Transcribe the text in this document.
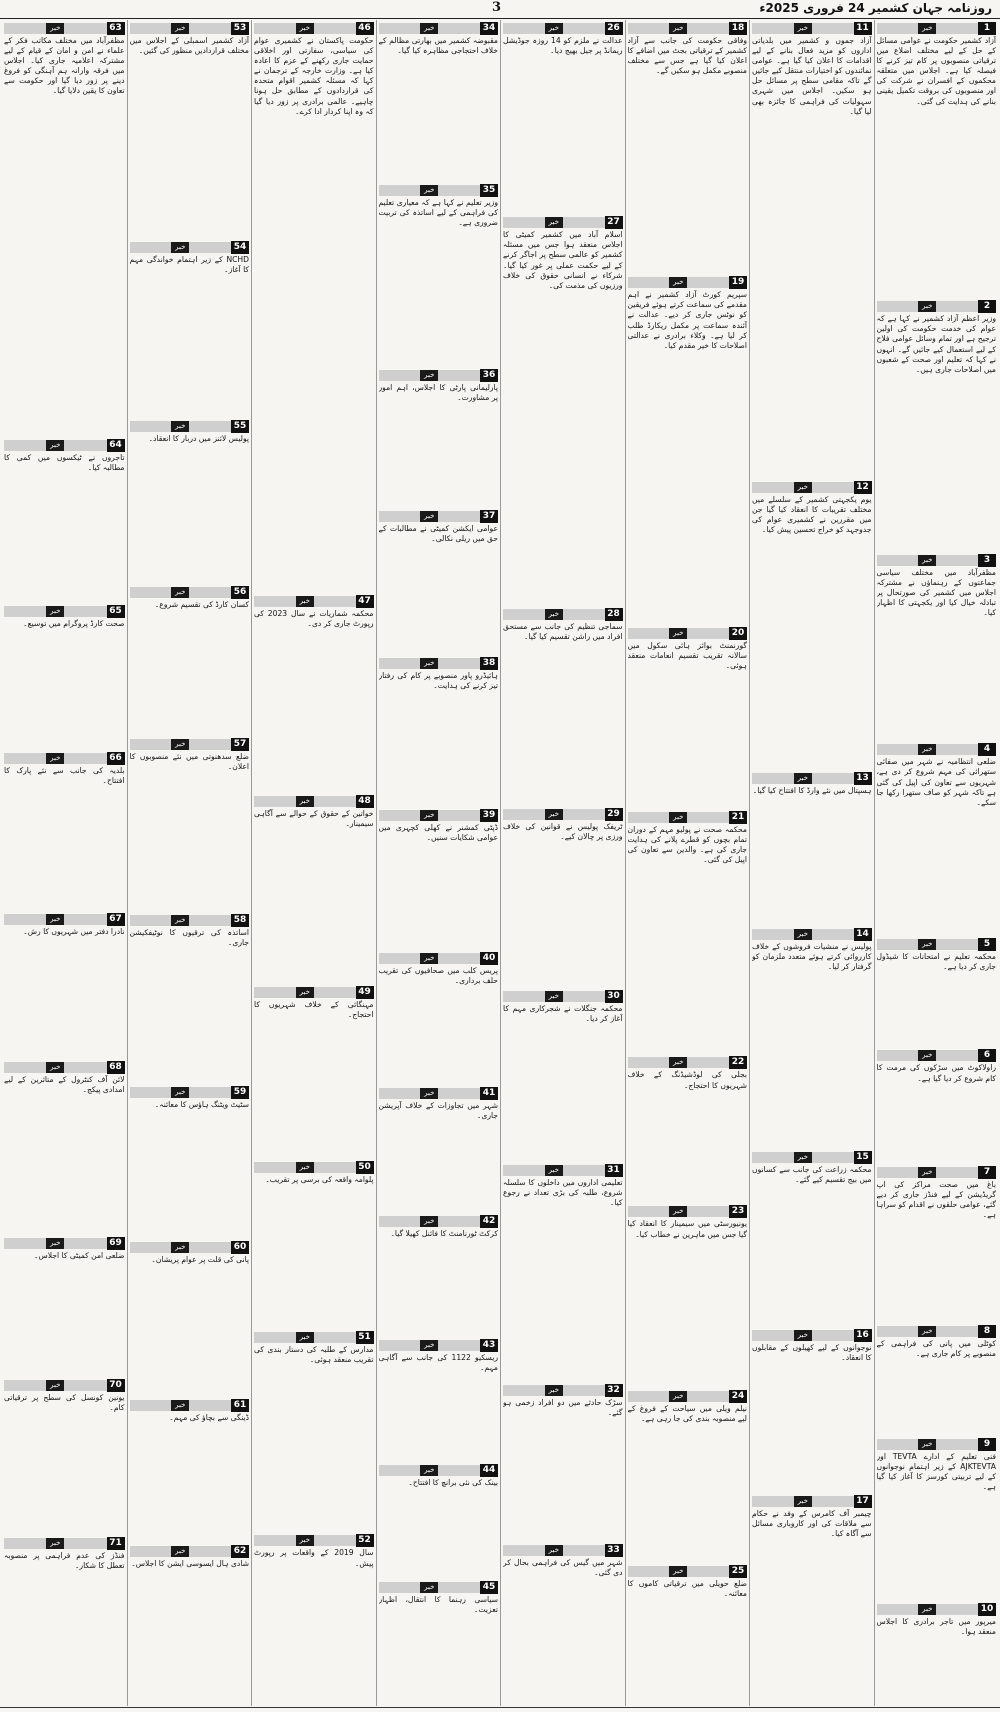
روزنامہ جہان کشمیر 24 فروری 2025ء
3
1
خبر
آزاد کشمیر حکومت نے عوامی مسائل کے حل کے لیے مختلف اضلاع میں ترقیاتی منصوبوں پر کام تیز کرنے کا فیصلہ کیا ہے۔ اجلاس میں متعلقہ محکموں کے افسران نے شرکت کی اور منصوبوں کی بروقت تکمیل یقینی بنانے کی ہدایت کی گئی۔
2
خبر
وزیر اعظم آزاد کشمیر نے کہا ہے کہ عوام کی خدمت حکومت کی اولین ترجیح ہے اور تمام وسائل عوامی فلاح کے لیے استعمال کیے جائیں گے۔ انہوں نے کہا کہ تعلیم اور صحت کے شعبوں میں اصلاحات جاری ہیں۔
3
خبر
مظفرآباد میں مختلف سیاسی جماعتوں کے رہنماؤں نے مشترکہ اجلاس میں کشمیر کی صورتحال پر تبادلہ خیال کیا اور یکجہتی کا اظہار کیا۔
4
خبر
ضلعی انتظامیہ نے شہر میں صفائی ستھرائی کی مہم شروع کر دی ہے، شہریوں سے تعاون کی اپیل کی گئی ہے تاکہ شہر کو صاف ستھرا رکھا جا سکے۔
5
خبر
محکمہ تعلیم نے امتحانات کا شیڈول جاری کر دیا ہے۔
6
خبر
راولاکوٹ میں سڑکوں کی مرمت کا کام شروع کر دیا گیا ہے۔
7
خبر
باغ میں صحت مراکز کی اپ گریڈیشن کے لیے فنڈز جاری کر دیے گئے، عوامی حلقوں نے اقدام کو سراہا ہے۔
8
خبر
کوٹلی میں پانی کی فراہمی کے منصوبے پر کام جاری ہے۔
9
خبر
فنی تعلیم کے ادارے TEVTA اور AJKTEVTA کے زیر اہتمام نوجوانوں کے لیے تربیتی کورسز کا آغاز کیا گیا ہے۔
10
خبر
میرپور میں تاجر برادری کا اجلاس منعقد ہوا۔
11
خبر
آزاد جموں و کشمیر میں بلدیاتی اداروں کو مزید فعال بنانے کے لیے اقدامات کا اعلان کیا گیا ہے۔ عوامی نمائندوں کو اختیارات منتقل کیے جائیں گے تاکہ مقامی سطح پر مسائل حل ہو سکیں۔ اجلاس میں شہری سہولیات کی فراہمی کا جائزہ بھی لیا گیا۔
12
خبر
یوم یکجہتی کشمیر کے سلسلے میں مختلف تقریبات کا انعقاد کیا گیا جن میں مقررین نے کشمیری عوام کی جدوجہد کو خراج تحسین پیش کیا۔
13
خبر
ہسپتال میں نئے وارڈ کا افتتاح کیا گیا۔
14
خبر
پولیس نے منشیات فروشوں کے خلاف کارروائی کرتے ہوئے متعدد ملزمان کو گرفتار کر لیا۔
15
خبر
محکمہ زراعت کی جانب سے کسانوں میں بیج تقسیم کیے گئے۔
16
خبر
نوجوانوں کے لیے کھیلوں کے مقابلوں کا انعقاد۔
17
خبر
چیمبر آف کامرس کے وفد نے حکام سے ملاقات کی اور کاروباری مسائل سے آگاہ کیا۔
18
خبر
وفاقی حکومت کی جانب سے آزاد کشمیر کے ترقیاتی بجٹ میں اضافے کا اعلان کیا گیا ہے جس سے مختلف منصوبے مکمل ہو سکیں گے۔
19
خبر
سپریم کورٹ آزاد کشمیر نے اہم مقدمے کی سماعت کرتے ہوئے فریقین کو نوٹس جاری کر دیے۔ عدالت نے آئندہ سماعت پر مکمل ریکارڈ طلب کر لیا ہے۔ وکلاء برادری نے عدالتی اصلاحات کا خیر مقدم کیا۔
20
خبر
گورنمنٹ بوائز ہائی سکول میں سالانہ تقریب تقسیم انعامات منعقد ہوئی۔
21
خبر
محکمہ صحت نے پولیو مہم کے دوران تمام بچوں کو قطرے پلانے کی ہدایت جاری کی ہے۔ والدین سے تعاون کی اپیل کی گئی۔
22
خبر
بجلی کی لوڈشیڈنگ کے خلاف شہریوں کا احتجاج۔
23
خبر
یونیورسٹی میں سیمینار کا انعقاد کیا گیا جس میں ماہرین نے خطاب کیا۔
24
خبر
نیلم ویلی میں سیاحت کے فروغ کے لیے منصوبہ بندی کی جا رہی ہے۔
25
خبر
ضلع حویلی میں ترقیاتی کاموں کا معائنہ۔
26
خبر
عدالت نے ملزم کو 14 روزہ جوڈیشل ریمانڈ پر جیل بھیج دیا۔
27
خبر
اسلام آباد میں کشمیر کمیٹی کا اجلاس منعقد ہوا جس میں مسئلہ کشمیر کو عالمی سطح پر اجاگر کرنے کے لیے حکمت عملی پر غور کیا گیا۔ شرکاء نے انسانی حقوق کی خلاف ورزیوں کی مذمت کی۔
28
خبر
سماجی تنظیم کی جانب سے مستحق افراد میں راشن تقسیم کیا گیا۔
29
خبر
ٹریفک پولیس نے قوانین کی خلاف ورزی پر چالان کیے۔
30
خبر
محکمہ جنگلات نے شجرکاری مہم کا آغاز کر دیا۔
31
خبر
تعلیمی اداروں میں داخلوں کا سلسلہ شروع، طلبہ کی بڑی تعداد نے رجوع کیا۔
32
خبر
سڑک حادثے میں دو افراد زخمی ہو گئے۔
33
خبر
شہر میں گیس کی فراہمی بحال کر دی گئی۔
34
خبر
مقبوضہ کشمیر میں بھارتی مظالم کے خلاف احتجاجی مظاہرہ کیا گیا۔
35
خبر
وزیر تعلیم نے کہا ہے کہ معیاری تعلیم کی فراہمی کے لیے اساتذہ کی تربیت ضروری ہے۔
36
خبر
پارلیمانی پارٹی کا اجلاس، اہم امور پر مشاورت۔
37
خبر
عوامی ایکشن کمیٹی نے مطالبات کے حق میں ریلی نکالی۔
38
خبر
ہائیڈرو پاور منصوبے پر کام کی رفتار تیز کرنے کی ہدایت۔
39
خبر
ڈپٹی کمشنر نے کھلی کچہری میں عوامی شکایات سنیں۔
40
خبر
پریس کلب میں صحافیوں کی تقریب حلف برداری۔
41
خبر
شہر میں تجاوزات کے خلاف آپریشن جاری۔
42
خبر
کرکٹ ٹورنامنٹ کا فائنل کھیلا گیا۔
43
خبر
ریسکیو 1122 کی جانب سے آگاہی مہم۔
44
خبر
بینک کی نئی برانچ کا افتتاح۔
45
خبر
سیاسی رہنما کا انتقال، اظہار تعزیت۔
46
خبر
حکومت پاکستان نے کشمیری عوام کی سیاسی، سفارتی اور اخلاقی حمایت جاری رکھنے کے عزم کا اعادہ کیا ہے۔ وزارت خارجہ کے ترجمان نے کہا کہ مسئلہ کشمیر اقوام متحدہ کی قراردادوں کے مطابق حل ہونا چاہیے۔ عالمی برادری پر زور دیا گیا کہ وہ اپنا کردار ادا کرے۔
47
خبر
محکمہ شماریات نے سال 2023 کی رپورٹ جاری کر دی۔
48
خبر
خواتین کے حقوق کے حوالے سے آگاہی سیمینار۔
49
خبر
مہنگائی کے خلاف شہریوں کا احتجاج۔
50
خبر
پلوامہ واقعہ کی برسی پر تقریب۔
51
خبر
مدارس کے طلبہ کی دستار بندی کی تقریب منعقد ہوئی۔
52
خبر
سال 2019 کے واقعات پر رپورٹ پیش۔
53
خبر
آزاد کشمیر اسمبلی کے اجلاس میں مختلف قراردادیں منظور کی گئیں۔
54
خبر
NCHD کے زیر اہتمام خواندگی مہم کا آغاز۔
55
خبر
پولیس لائنز میں دربار کا انعقاد۔
56
خبر
کسان کارڈ کی تقسیم شروع۔
57
خبر
ضلع سدھنوتی میں نئے منصوبوں کا اعلان۔
58
خبر
اساتذہ کی ترقیوں کا نوٹیفکیشن جاری۔
59
خبر
سٹیٹ ویٹنگ ہاؤس کا معائنہ۔
60
خبر
پانی کی قلت پر عوام پریشان۔
61
خبر
ڈینگی سے بچاؤ کی مہم۔
62
خبر
شادی ہال ایسوسی ایشن کا اجلاس۔
63
خبر
مظفرآباد میں مختلف مکاتب فکر کے علماء نے امن و امان کے قیام کے لیے مشترکہ اعلامیہ جاری کیا۔ اجلاس میں فرقہ وارانہ ہم آہنگی کو فروغ دینے پر زور دیا گیا اور حکومت سے تعاون کا یقین دلایا گیا۔
64
خبر
تاجروں نے ٹیکسوں میں کمی کا مطالبہ کیا۔
65
خبر
صحت کارڈ پروگرام میں توسیع۔
66
خبر
بلدیہ کی جانب سے نئے پارک کا افتتاح۔
67
خبر
نادرا دفتر میں شہریوں کا رش۔
68
خبر
لائن آف کنٹرول کے متاثرین کے لیے امدادی پیکج۔
69
خبر
ضلعی امن کمیٹی کا اجلاس۔
70
خبر
یونین کونسل کی سطح پر ترقیاتی کام۔
71
خبر
فنڈز کی عدم فراہمی پر منصوبہ تعطل کا شکار۔
